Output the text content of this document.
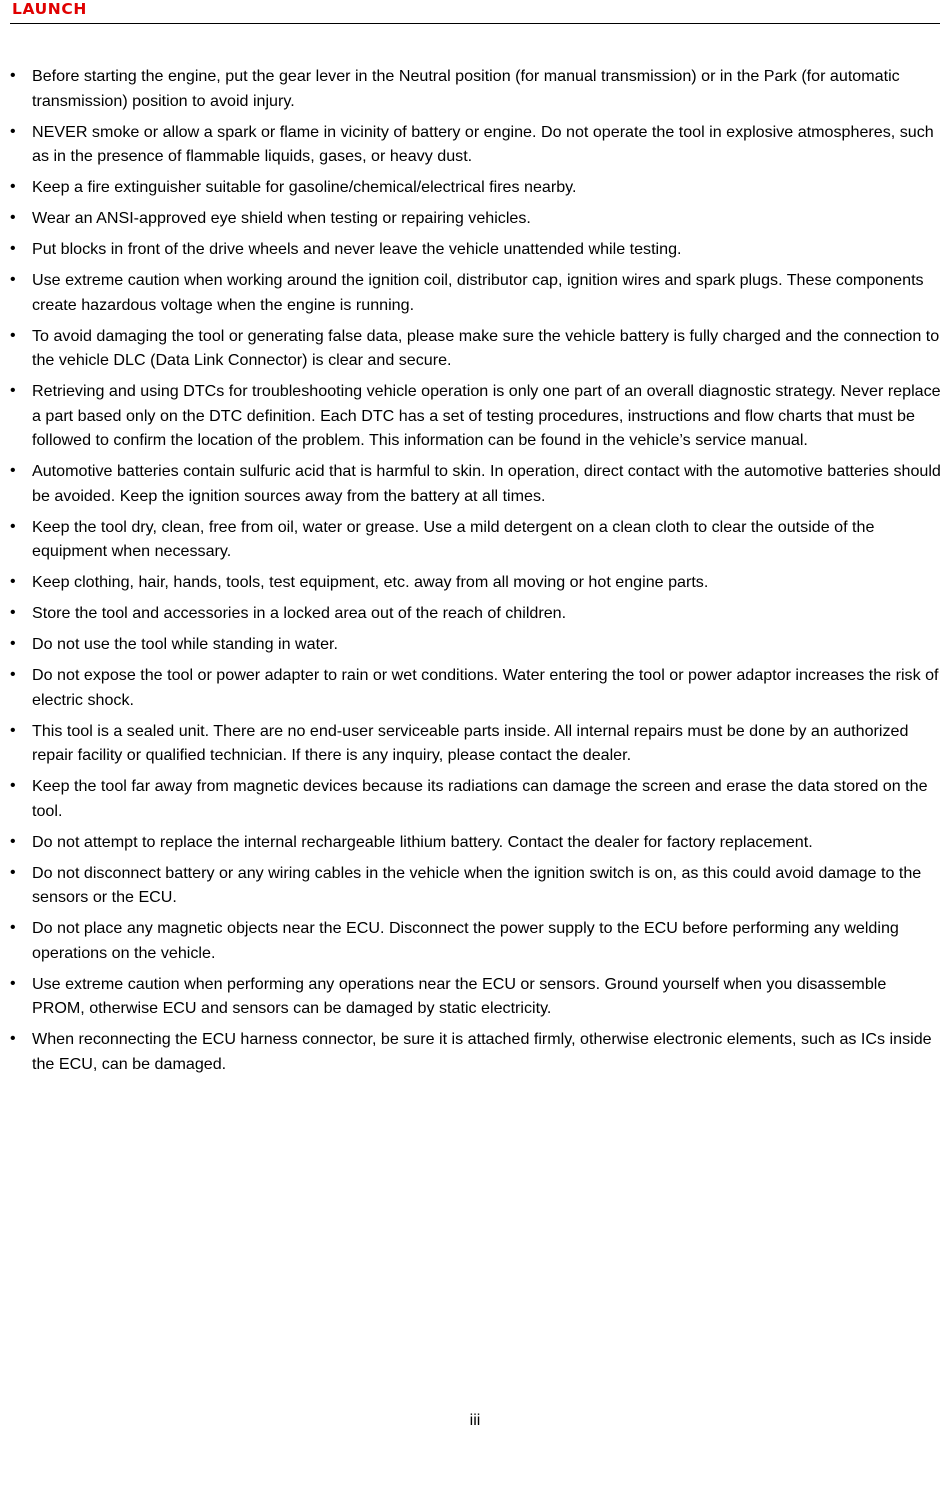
LAUNCH
• Before starting the engine, put the gear lever in the Neutral position (for manual transmission) or in the Park (for automatic transmission) position to avoid injury.
• NEVER smoke or allow a spark or flame in vicinity of battery or engine. Do not operate the tool in explosive atmospheres, such as in the presence of flammable liquids, gases, or heavy dust.
• Keep a fire extinguisher suitable for gasoline/chemical/electrical fires nearby.
• Wear an ANSI-approved eye shield when testing or repairing vehicles.
• Put blocks in front of the drive wheels and never leave the vehicle unattended while testing.
• Use extreme caution when working around the ignition coil, distributor cap, ignition wires and spark plugs. These components create hazardous voltage when the engine is running.
• To avoid damaging the tool or generating false data, please make sure the vehicle battery is fully charged and the connection to the vehicle DLC (Data Link Connector) is clear and secure.
• Retrieving and using DTCs for troubleshooting vehicle operation is only one part of an overall diagnostic strategy. Never replace a part based only on the DTC definition. Each DTC has a set of testing procedures, instructions and flow charts that must be followed to confirm the location of the problem. This information can be found in the vehicle’s service manual.
• Automotive batteries contain sulfuric acid that is harmful to skin. In operation, direct contact with the automotive batteries should be avoided. Keep the ignition sources away from the battery at all times.
• Keep the tool dry, clean, free from oil, water or grease. Use a mild detergent on a clean cloth to clear the outside of the equipment when necessary.
• Keep clothing, hair, hands, tools, test equipment, etc. away from all moving or hot engine parts.
• Store the tool and accessories in a locked area out of the reach of children.
• Do not use the tool while standing in water.
• Do not expose the tool or power adapter to rain or wet conditions. Water entering the tool or power adaptor increases the risk of electric shock.
• This tool is a sealed unit. There are no end-user serviceable parts inside. All internal repairs must be done by an authorized repair facility or qualified technician. If there is any inquiry, please contact the dealer.
• Keep the tool far away from magnetic devices because its radiations can damage the screen and erase the data stored on the tool.
• Do not attempt to replace the internal rechargeable lithium battery. Contact the dealer for factory replacement.
• Do not disconnect battery or any wiring cables in the vehicle when the ignition switch is on, as this could avoid damage to the sensors or the ECU.
• Do not place any magnetic objects near the ECU. Disconnect the power supply to the ECU before performing any welding operations on the vehicle.
• Use extreme caution when performing any operations near the ECU or sensors. Ground yourself when you disassemble PROM, otherwise ECU and sensors can be damaged by static electricity.
• When reconnecting the ECU harness connector, be sure it is attached firmly, otherwise electronic elements, such as ICs inside the ECU, can be damaged.
iii
